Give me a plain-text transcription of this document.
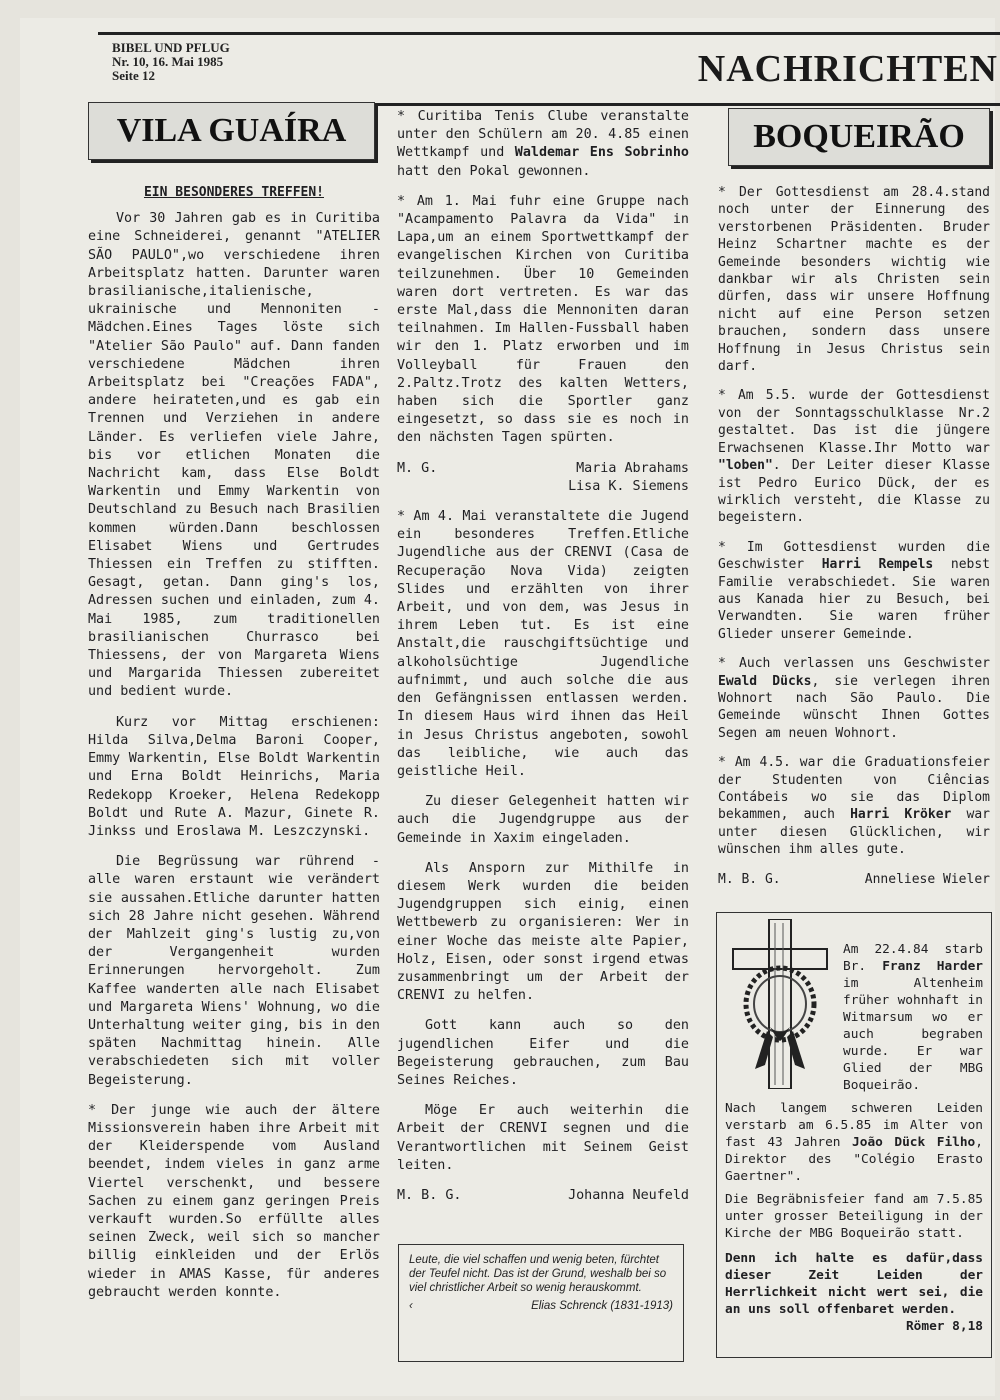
BIBEL UND PFLUG
Nr. 10, 16. Mai 1985
Seite 12	NACHRICHTEN
VILA GUAÍRA
EIN BESONDERES TREFFEN!

Vor 30 Jahren gab es in Curitiba eine Schneiderei, genannt "ATELIER SÃO PAULO",wo verschiedene ihren Arbeitsplatz hatten. Darunter waren brasilianische,italienische, ukrainische und Mennoniten - Mädchen.Eines Tages löste sich "Atelier São Paulo" auf. Dann fanden verschiedene Mädchen ihren Arbeitsplatz bei "Creações FADA", andere heirateten,und es gab ein Trennen und Verziehen in andere Länder. Es verliefen viele Jahre, bis vor etlichen Monaten die Nachricht kam, dass Else Boldt Warkentin und Emmy Warkentin von Deutschland zu Besuch nach Brasilien kommen würden.Dann beschlossen Elisabet Wiens und Gertrudes Thiessen ein Treffen zu stifften. Gesagt, getan. Dann ging's los, Adressen suchen und einladen, zum 4. Mai 1985, zum traditionellen brasilianischen Churrasco bei Thiessens, der von Margareta Wiens und Margarida Thiessen zubereitet und bedient wurde.

Kurz vor Mittag erschienen: Hilda Silva,Delma Baroni Cooper, Emmy Warkentin, Else Boldt Warkentin und Erna Boldt Heinrichs, Maria Redekopp Kroeker, Helena Redekopp Boldt und Rute A. Mazur, Ginete R. Jinkss und Eroslawa M. Leszczynski.

Die Begrüssung war rührend - alle waren erstaunt wie verändert sie aussahen.Etliche darunter hatten sich 28 Jahre nicht gesehen. Während der Mahlzeit ging's lustig zu,von der Vergangenheit wurden Erinnerungen hervorgeholt. Zum Kaffee wanderten alle nach Elisabet und Margareta Wiens' Wohnung, wo die Unterhaltung weiter ging, bis in den späten Nachmittag hinein. Alle verabschiedeten sich mit voller Begeisterung.

* Der junge wie auch der ältere Missionsverein haben ihre Arbeit mit der Kleiderspende vom Ausland beendet, indem vieles in ganz arme Viertel verschenkt, und bessere Sachen zu einem ganz geringen Preis verkauft wurden.So erfüllte alles seinen Zweck, weil sich so mancher billig einkleiden und der Erlös wieder in AMAS Kasse, für anderes gebraucht werden konnte.

* Curitiba Tenis Clube veranstalte unter den Schülern am 20. 4.85 einen Wettkampf und Waldemar Ens Sobrinho hatt den Pokal gewonnen.

* Am 1. Mai fuhr eine Gruppe nach "Acampamento Palavra da Vida" in Lapa,um an einem Sportwettkampf der evangelischen Kirchen von Curitiba teilzunehmen. Über 10 Gemeinden waren dort vertreten. Es war das erste Mal,dass die Mennoniten daran teilnahmen. Im Hallen-Fussball haben wir den 1. Platz erworben und im Volleyball für Frauen den 2.Paltz.Trotz des kalten Wetters, haben sich die Sportler ganz eingesetzt, so dass sie es noch in den nächsten Tagen spürten.

M. G.	Maria Abrahams
Lisa K. Siemens

* Am 4. Mai veranstaltete die Jugend ein besonderes Treffen.Etliche Jugendliche aus der CRENVI (Casa de Recuperação Nova Vida) zeigten Slides und erzählten von ihrer Arbeit, und von dem, was Jesus in ihrem Leben tut. Es ist eine Anstalt,die rauschgiftsüchtige und alkoholsüchtige Jugendliche aufnimmt, und auch solche die aus den Gefängnissen entlassen werden. In diesem Haus wird ihnen das Heil in Jesus Christus angeboten, sowohl das leibliche, wie auch das geistliche Heil.

Zu dieser Gelegenheit hatten wir auch die Jugendgruppe aus der Gemeinde in Xaxim eingeladen.

Als Ansporn zur Mithilfe in diesem Werk wurden die beiden Jugendgruppen sich einig, einen Wettbewerb zu organisieren: Wer in einer Woche das meiste alte Papier, Holz, Eisen, oder sonst irgend etwas zusammenbringt um der Arbeit der CRENVI zu helfen.

Gott kann auch so den jugendlichen Eifer und die Begeisterung gebrauchen, zum Bau Seines Reiches.

Möge Er auch weiterhin die Arbeit der CRENVI segnen und die Verantwortlichen mit Seinem Geist leiten.

M. B. G.	Johanna Neufeld
Leute, die viel schaffen und wenig beten, fürchtet der Teufel nicht. Das ist der Grund, weshalb bei so viel christlicher Arbeit so wenig herauskommt.
‹	Elias Schrenck (1831-1913)
BOQUEIRÃO

* Der Gottesdienst am 28.4.stand noch unter der Einnerung des verstorbenen Präsidenten. Bruder Heinz Schartner machte es der Gemeinde besonders wichtig wie dankbar wir als Christen sein dürfen, dass wir unsere Hoffnung nicht auf eine Person setzen brauchen, sondern dass unsere Hoffnung in Jesus Christus sein darf.

* Am 5.5. wurde der Gottesdienst von der Sonntagsschulklasse Nr.2 gestaltet. Das ist die jüngere Erwachsenen Klasse.Ihr Motto war "loben". Der Leiter dieser Klasse ist Pedro Eurico Dück, der es wirklich versteht, die Klasse zu begeistern.

* Im Gottesdienst wurden die Geschwister Harri Rempels nebst Familie verabschiedet. Sie waren aus Kanada hier zu Besuch, bei Verwandten. Sie waren früher Glieder unserer Gemeinde.

* Auch verlassen uns Geschwister Ewald Dücks, sie verlegen ihren Wohnort nach São Paulo. Die Gemeinde wünscht Ihnen Gottes Segen am neuen Wohnort.

* Am 4.5. war die Graduationsfeier der Studenten von Ciências Contábeis wo sie das Diplom bekammen, auch Harri Kröker war unter diesen Glücklichen, wir wünschen ihm alles gute.

M. B. G.	Anneliese Wieler
Am 22.4.84 starb Br. Franz Harder im Altenheim früher wohnhaft in Witmarsum wo er auch begraben wurde. Er war Glied der MBG Boqueirão.

Nach langem schweren Leiden verstarb am 6.5.85 im Alter von fast 43 Jahren João Dück Filho, Direktor des "Colégio Erasto Gaertner".

Die Begräbnisfeier fand am 7.5.85 unter grosser Beteiligung in der Kirche der MBG Boqueirão statt.

Denn ich halte es dafür,dass dieser Zeit Leiden der Herrlichkeit nicht wert sei, die an uns soll offenbaret werden.

Römer 8,18
